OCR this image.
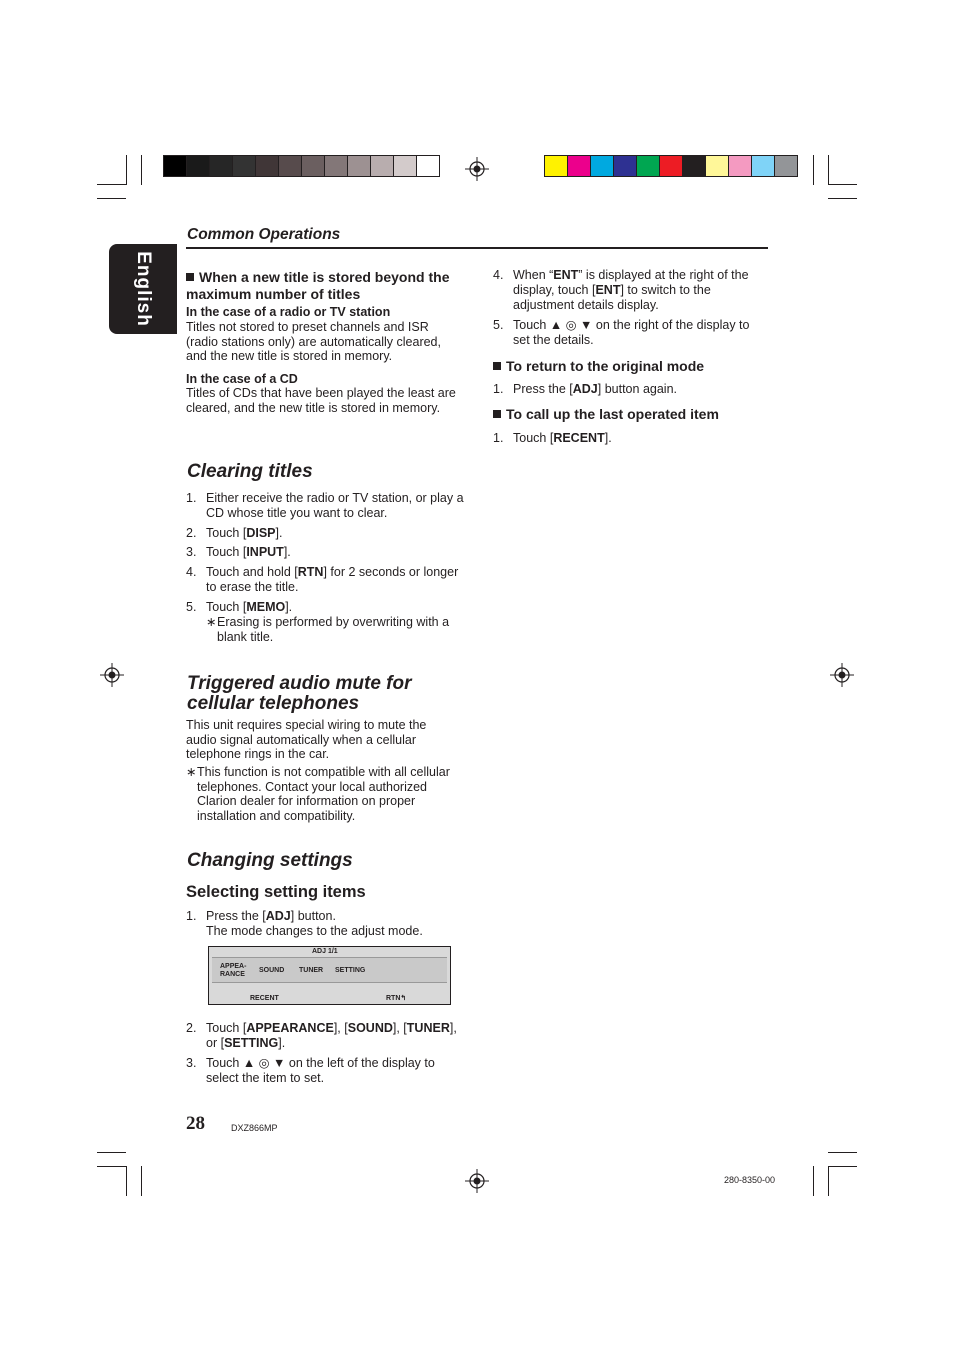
English
Common Operations
When a new title is stored beyond the maximum number of titles
In the case of a radio or TV station
Titles not stored to preset channels and ISR (radio stations only) are automatically cleared, and the new title is stored in memory.
In the case of a CD
Titles of CDs that have been played the least are cleared, and the new title is stored in memory.
Clearing titles
1. Either receive the radio or TV station, or play a CD whose title you want to clear.
2. Touch [DISP].
3. Touch [INPUT].
4. Touch and hold [RTN] for 2 seconds or longer to erase the title.
5. Touch [MEMO].
∗ Erasing is performed by overwriting with a blank title.
Triggered audio mute for cellular telephones
This unit requires special wiring to mute the audio signal automatically when a cellular telephone rings in the car.
∗ This function is not compatible with all cellular telephones. Contact your local authorized Clarion dealer for information on proper installation and compatibility.
Changing settings
Selecting setting items
1. Press the [ADJ] button.
The mode changes to the adjust mode.
ADJ 1/1
APPEA-
RANCE
SOUND TUNER SETTING
RECENT	RTN↰
2. Touch [APPEARANCE], [SOUND], [TUNER], or [SETTING].
3. Touch ▲ ◎ ▼ on the left of the display to select the item to set.
4. When “ENT” is displayed at the right of the display, touch [ENT] to switch to the adjustment details display.
5. Touch ▲ ◎ ▼ on the right of the display to set the details.
To return to the original mode
1. Press the [ADJ] button again.
To call up the last operated item
1. Touch [RECENT].
28	DXZ866MP
280-8350-00
